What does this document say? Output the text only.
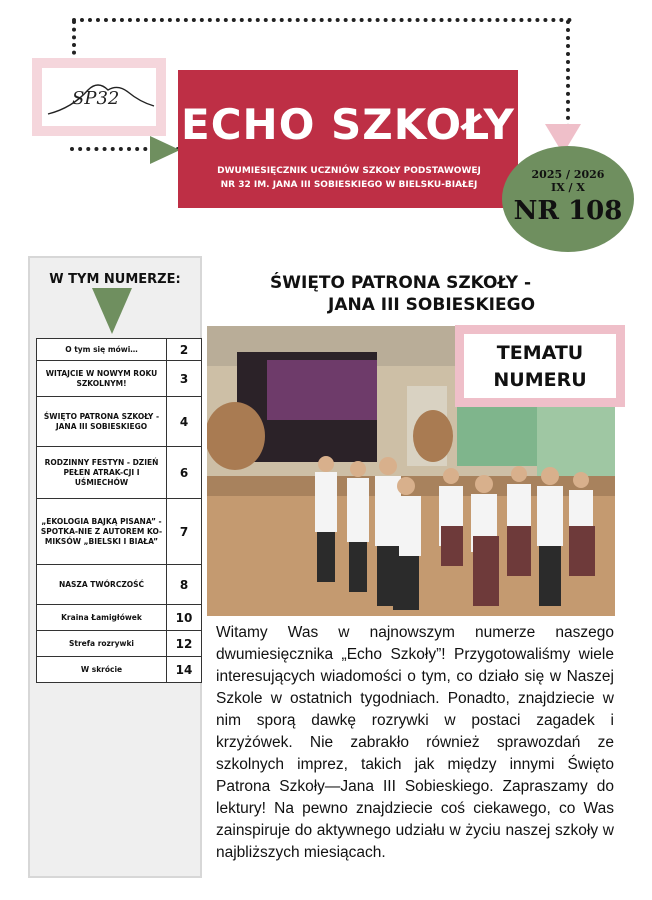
SP32
ECHO SZKOŁY
DWUMIESIĘCZNIK UCZNIÓW SZKOŁY PODSTAWOWEJ
NR 32 IM. JANA III SOBIESKIEGO W BIELSKU-BIAŁEJ
2025 / 2026
IX / X
NR 108
W TYM NUMERZE:
O tym się mówi…	2
WITAJCIE W NOWYM ROKU SZKOLNYM!	3
ŚWIĘTO PATRONA SZKOŁY - JANA III SOBIESKIEGO	4
RODZINNY FESTYN - DZIEŃ PEŁEN ATRAK-CJI I UŚMIECHÓW	6
„EKOLOGIA BAJKĄ PISANA” - SPOTKA-NIE Z AUTOREM KO-MIKSÓW „BIELSKI I BIAŁA”	7
NASZA TWÓRCZOŚĆ	8
Kraina Łamigłówek	10
Strefa rozrywki	12
W skrócie	14
ŚWIĘTO PATRONA SZKOŁY -
JANA III SOBIESKIEGO
TEMATU
NUMERU
Witamy Was w najnowszym numerze naszego dwumiesięcznika „Echo Szkoły”! Przygotowaliśmy wiele interesujących wiadomości o tym, co działo się w Naszej Szkole w ostatnich tygodniach. Ponadto, znajdziecie w nim sporą dawkę rozrywki w postaci zagadek i krzyżówek. Nie zabrakło również sprawozdań ze szkolnych imprez, takich jak między innymi Święto Patrona Szkoły—Jana III Sobieskiego. Zapraszamy do lektury! Na pewno znajdziecie coś ciekawego, co Was zainspiruje do aktywnego udziału w życiu naszej szkoły w najbliższych miesiącach.
